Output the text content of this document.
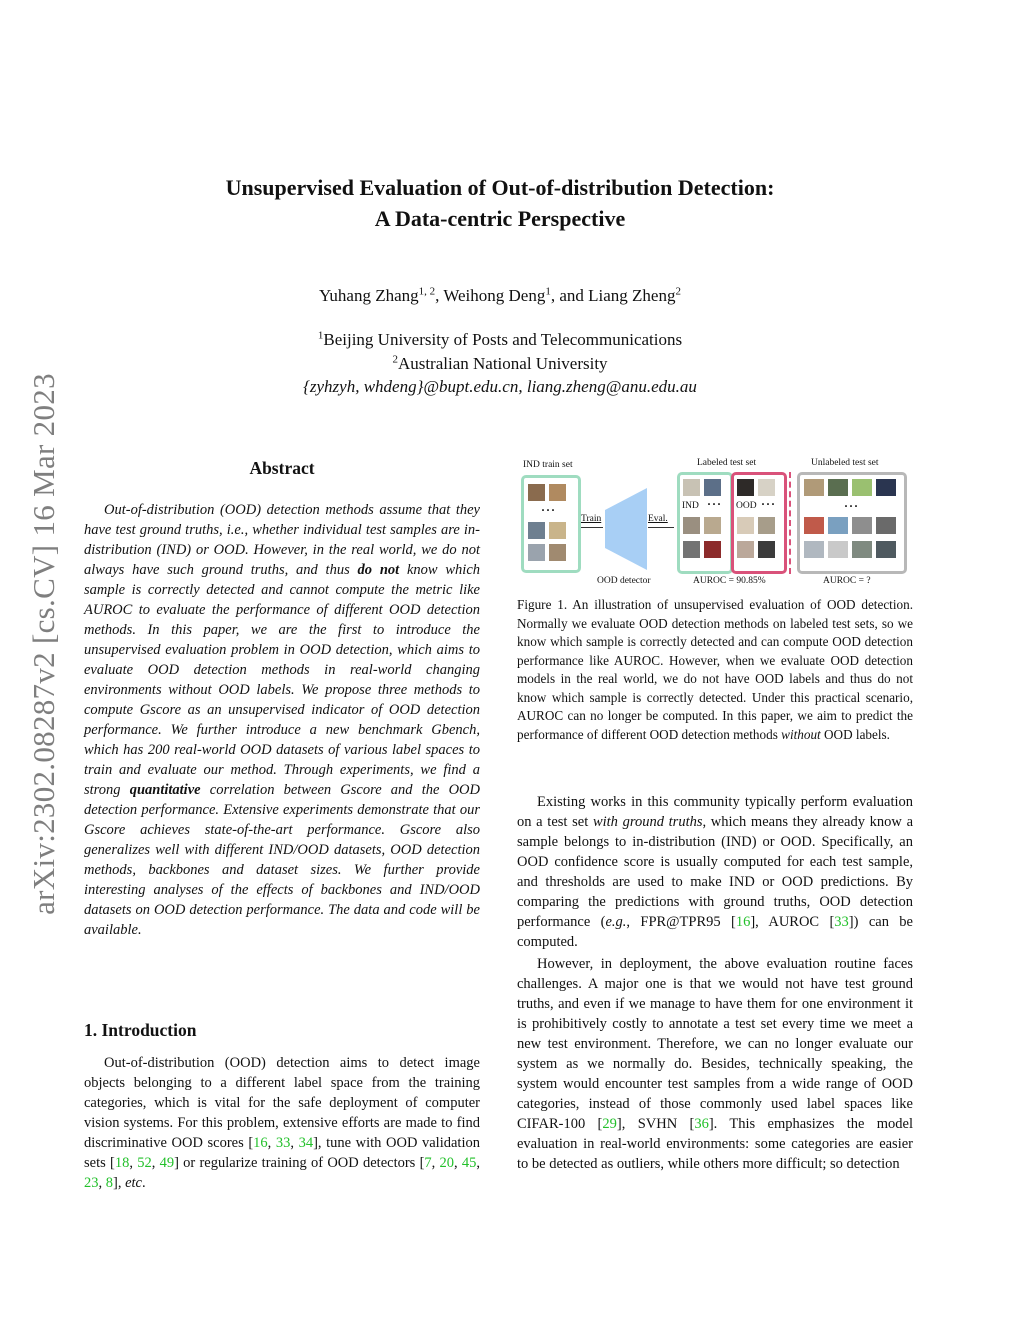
arXiv:2302.08287v2 [cs.CV] 16 Mar 2023
Unsupervised Evaluation of Out-of-distribution Detection:
A Data-centric Perspective
Yuhang Zhang$^{1, 2}$, Weihong Deng$^1$, and Liang Zheng$^2$
$^1$Beijing University of Posts and Telecommunications
$^2$Australian National University
{zyhzyh, whdeng}@bupt.edu.cn, liang.zheng@anu.edu.au
Abstract
Out-of-distribution (OOD) detection methods assume that they have test ground truths, i.e., whether individual test samples are in-distribution (IND) or OOD. However, in the real world, we do not always have such ground truths, and thus do not know which sample is correctly detected and cannot compute the metric like AUROC to evaluate the performance of different OOD detection methods. In this paper, we are the first to introduce the unsupervised evaluation problem in OOD detection, which aims to evaluate OOD detection methods in real-world changing environments without OOD labels. We propose three methods to compute Gscore as an unsupervised indicator of OOD detection performance. We further introduce a new benchmark Gbench, which has 200 real-world OOD datasets of various label spaces to train and evaluate our method. Through experiments, we find a strong quantitative correlation between Gscore and the OOD detection performance. Extensive experiments demonstrate that our Gscore achieves state-of-the-art performance. Gscore also generalizes well with different IND/OOD datasets, OOD detection methods, backbones and dataset sizes. We further provide interesting analyses of the effects of backbones and IND/OOD datasets on OOD detection performance. The data and code will be available.
1. Introduction
Out-of-distribution (OOD) detection aims to detect image objects belonging to a different label space from the training categories, which is vital for the safe deployment of computer vision systems. For this problem, extensive efforts are made to find discriminative OOD scores [16, 33, 34], tune with OOD validation sets [18, 52, 49] or regularize training of OOD detectors [7, 20, 45, 23, 8], etc.
IND train set	Labeled test set	Unlabeled test set
···
Train
OOD detector
Eval.
IND ··· OOD ···
AUROC = 90.85%
···
AUROC = ?
Figure 1. An illustration of unsupervised evaluation of OOD detection. Normally we evaluate OOD detection methods on labeled test sets, so we know which sample is correctly detected and can compute OOD detection performance like AUROC. However, when we evaluate OOD detection models in the real world, we do not have OOD labels and thus do not know which sample is correctly detected. Under this practical scenario, AUROC can no longer be computed. In this paper, we aim to predict the performance of different OOD detection methods without OOD labels.

Existing works in this community typically perform evaluation on a test set with ground truths, which means they already know a sample belongs to in-distribution (IND) or OOD. Specifically, an OOD confidence score is usually computed for each test sample, and thresholds are used to make IND or OOD predictions. By comparing the predictions with ground truths, OOD detection performance (e.g., FPR@TPR95 [16], AUROC [33]) can be computed.

However, in deployment, the above evaluation routine faces challenges. A major one is that we would not have test ground truths, and even if we manage to have them for one environment it is prohibitively costly to annotate a test set every time we meet a new test environment. Therefore, we can no longer evaluate our system as we normally do. Besides, technically speaking, the system would encounter test samples from a wide range of OOD categories, instead of those commonly used label spaces like CIFAR-100 [29], SVHN [36]. This emphasizes the model evaluation in real-world environments: some categories are easier to be detected as outliers, while others more difficult; so detection
